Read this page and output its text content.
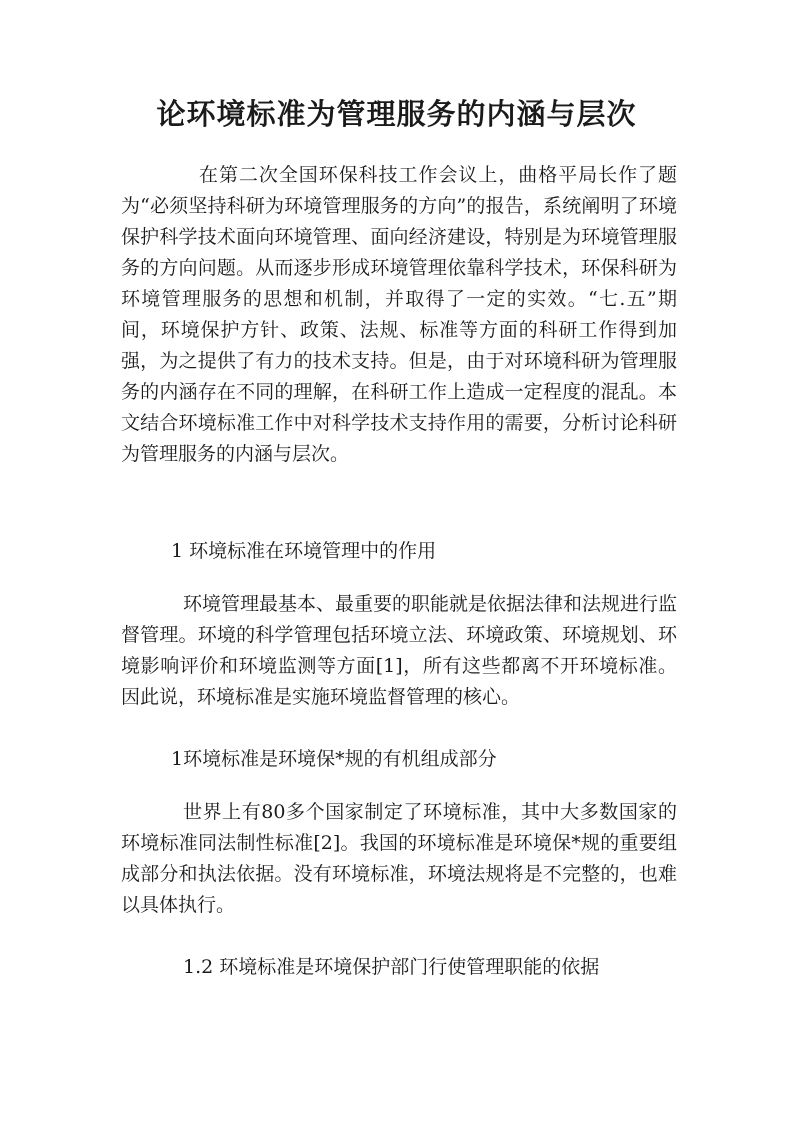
论环境标准为管理服务的内涵与层次

在第二次全国环保科技工作会议上，曲格平局长作了题为“必须坚持科研为环境管理服务的方向”的报告，系统阐明了环境保护科学技术面向环境管理、面向经济建设，特别是为环境管理服务的方向问题。从而逐步形成环境管理依靠科学技术，环保科研为环境管理服务的思想和机制，并取得了一定的实效。“七.五”期间，环境保护方针、政策、法规、标准等方面的科研工作得到加强，为之提供了有力的技术支持。但是，由于对环境科研为管理服务的内涵存在不同的理解，在科研工作上造成一定程度的混乱。本文结合环境标准工作中对科学技术支持作用的需要，分析讨论科研为管理服务的内涵与层次。

1 环境标准在环境管理中的作用

环境管理最基本、最重要的职能就是依据法律和法规进行监督管理。环境的科学管理包括环境立法、环境政策、环境规划、环境影响评价和环境监测等方面[1]，所有这些都离不开环境标准。因此说，环境标准是实施环境监督管理的核心。

1环境标准是环境保*规的有机组成部分

世界上有80多个国家制定了环境标准，其中大多数国家的环境标准同法制性标准[2]。我国的环境标准是环境保*规的重要组成部分和执法依据。没有环境标准，环境法规将是不完整的，也难以具体执行。

1.2 环境标准是环境保护部门行使管理职能的依据
